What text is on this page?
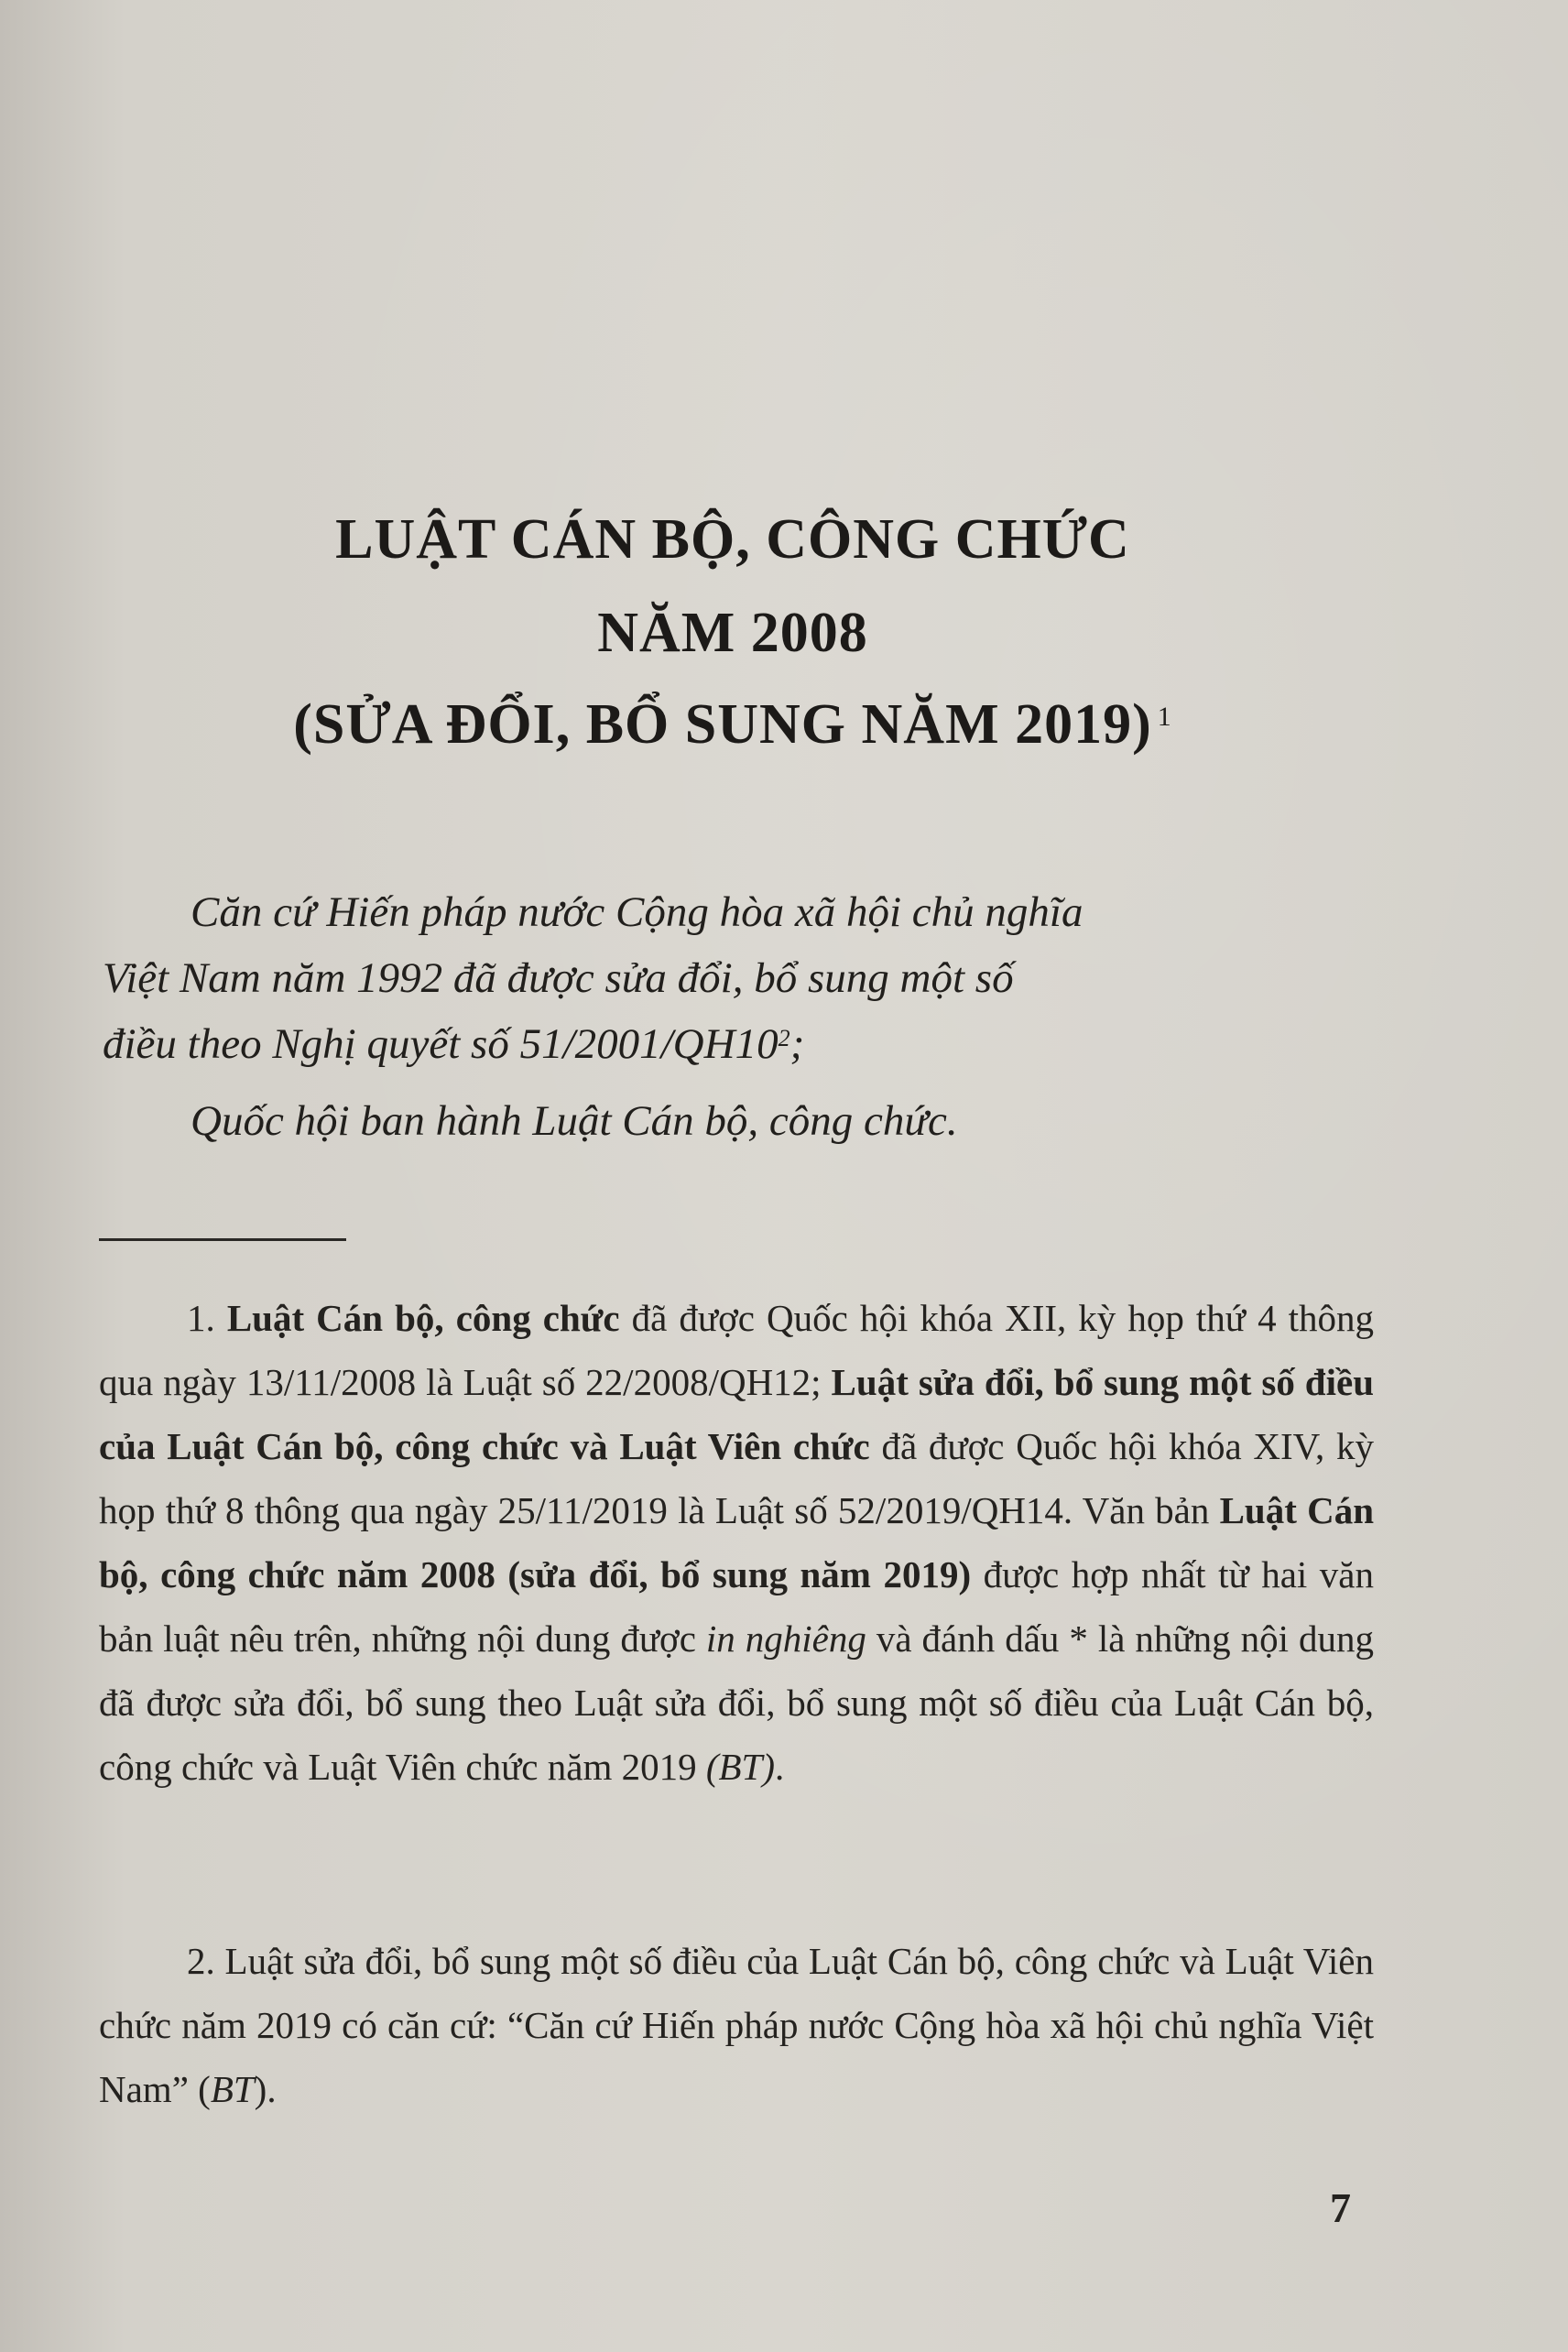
LUẬT CÁN BỘ, CÔNG CHỨC
NĂM 2008
(SỬA ĐỔI, BỔ SUNG NĂM 2019) $^1$
Căn cứ Hiến pháp nước Cộng hòa xã hội chủ nghĩa
Việt Nam năm 1992 đã được sửa đổi, bổ sung một số
điều theo Nghị quyết số $51/2001/QH10^2$;
Quốc hội ban hành Luật Cán bộ, công chức.
1. Luật Cán bộ, công chức đã được Quốc hội khóa XII, kỳ họp thứ 4 thông qua ngày 13/11/2008 là Luật số 22/2008/QH12; Luật sửa đổi, bổ sung một số điều của Luật Cán bộ, công chức và Luật Viên chức đã được Quốc hội khóa XIV, kỳ họp thứ 8 thông qua ngày 25/11/2019 là Luật số 52/2019/QH14. Văn bản Luật Cán bộ, công chức năm 2008 (sửa đổi, bổ sung năm 2019) được hợp nhất từ hai văn bản luật nêu trên, những nội dung được in nghiêng và đánh dấu * là những nội dung đã được sửa đổi, bổ sung theo Luật sửa đổi, bổ sung một số điều của Luật Cán bộ, công chức và Luật Viên chức năm 2019 (BT).
2. Luật sửa đổi, bổ sung một số điều của Luật Cán bộ, công chức và Luật Viên chức năm 2019 có căn cứ: “Căn cứ Hiến pháp nước Cộng hòa xã hội chủ nghĩa Việt Nam” (BT).
7
